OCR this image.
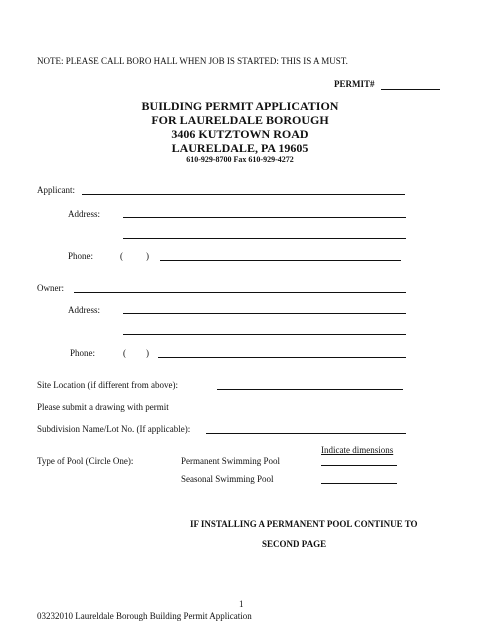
NOTE: PLEASE CALL BORO HALL WHEN JOB IS STARTED: THIS IS A MUST.
PERMIT#
BUILDING PERMIT APPLICATION
FOR LAURELDALE BOROUGH
3406 KUTZTOWN ROAD
LAURELDALE, PA 19605
610-929-8700 Fax 610-929-4272
Applicant:
Address:
Phone:	(	)
Owner:
Address:
Phone:	( )
Site Location (if different from above):
Please submit a drawing with permit
Subdivision Name/Lot No. (If applicable):
Indicate dimensions
Type of Pool (Circle One):	Permanent Swimming Pool
Seasonal Swimming Pool
IF INSTALLING A PERMANENT POOL CONTINUE TO
SECOND PAGE
1
03232010 Laureldale Borough Building Permit Application
